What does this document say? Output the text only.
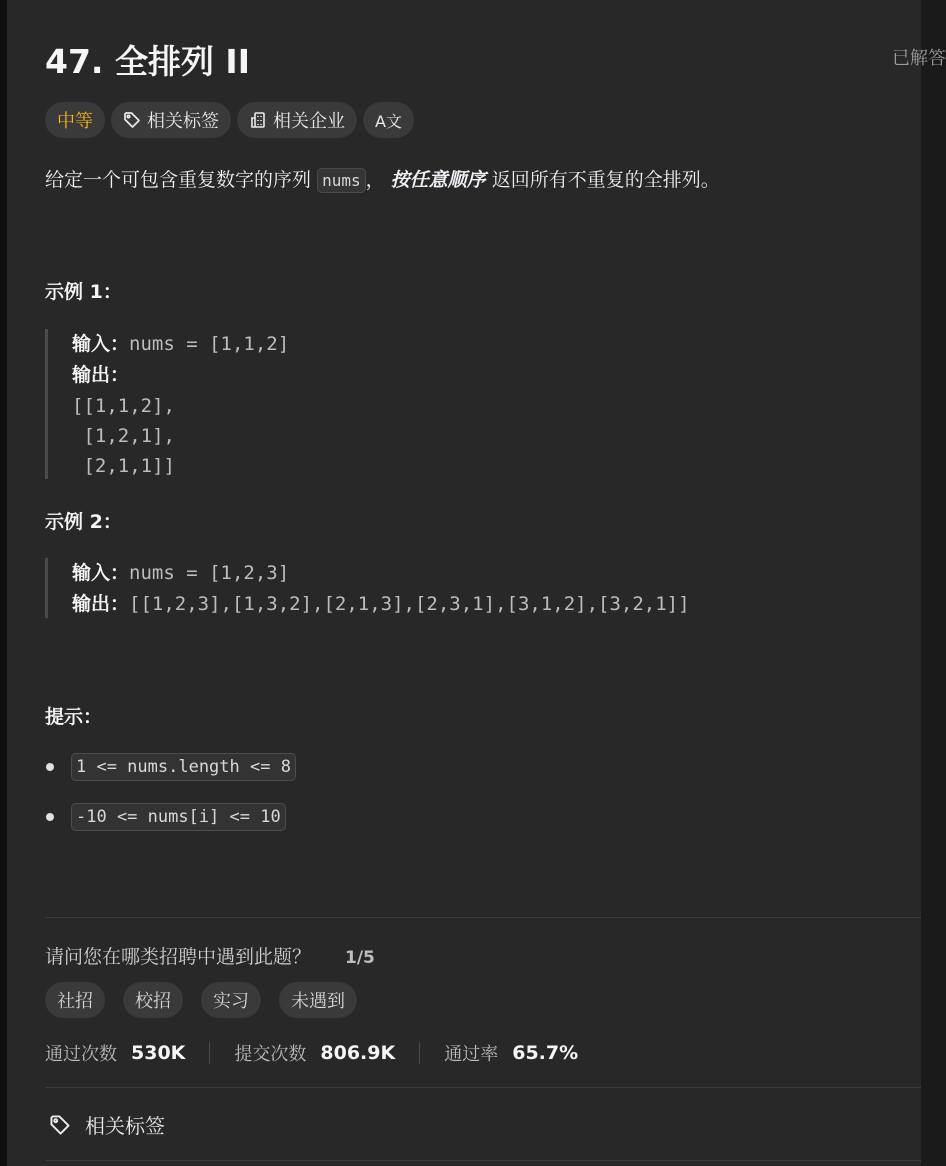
47. 全排列 II	已解答
中等	相关标签	相关企业 A文
给定一个可包含重复数字的序列 nums ， 按任意顺序 返回所有不重复的全排列。
示例 1：
输入：nums = [1,1,2]
输出：
[[1,1,2],
[1,2,1],
[2,1,1]]
示例 2：
输入：nums = [1,2,3]
输出：[[1,2,3],[1,3,2],[2,1,3],[2,3,1],[3,1,2],[3,2,1]]
提示：
1 <= nums.length <= 8
-10 <= nums[i] <= 10
请问您在哪类招聘中遇到此题？ 1/5
社招	校招	实习	未遇到
通过次数 530K	提交次数 806.9K	通过率 65.7%
相关标签
